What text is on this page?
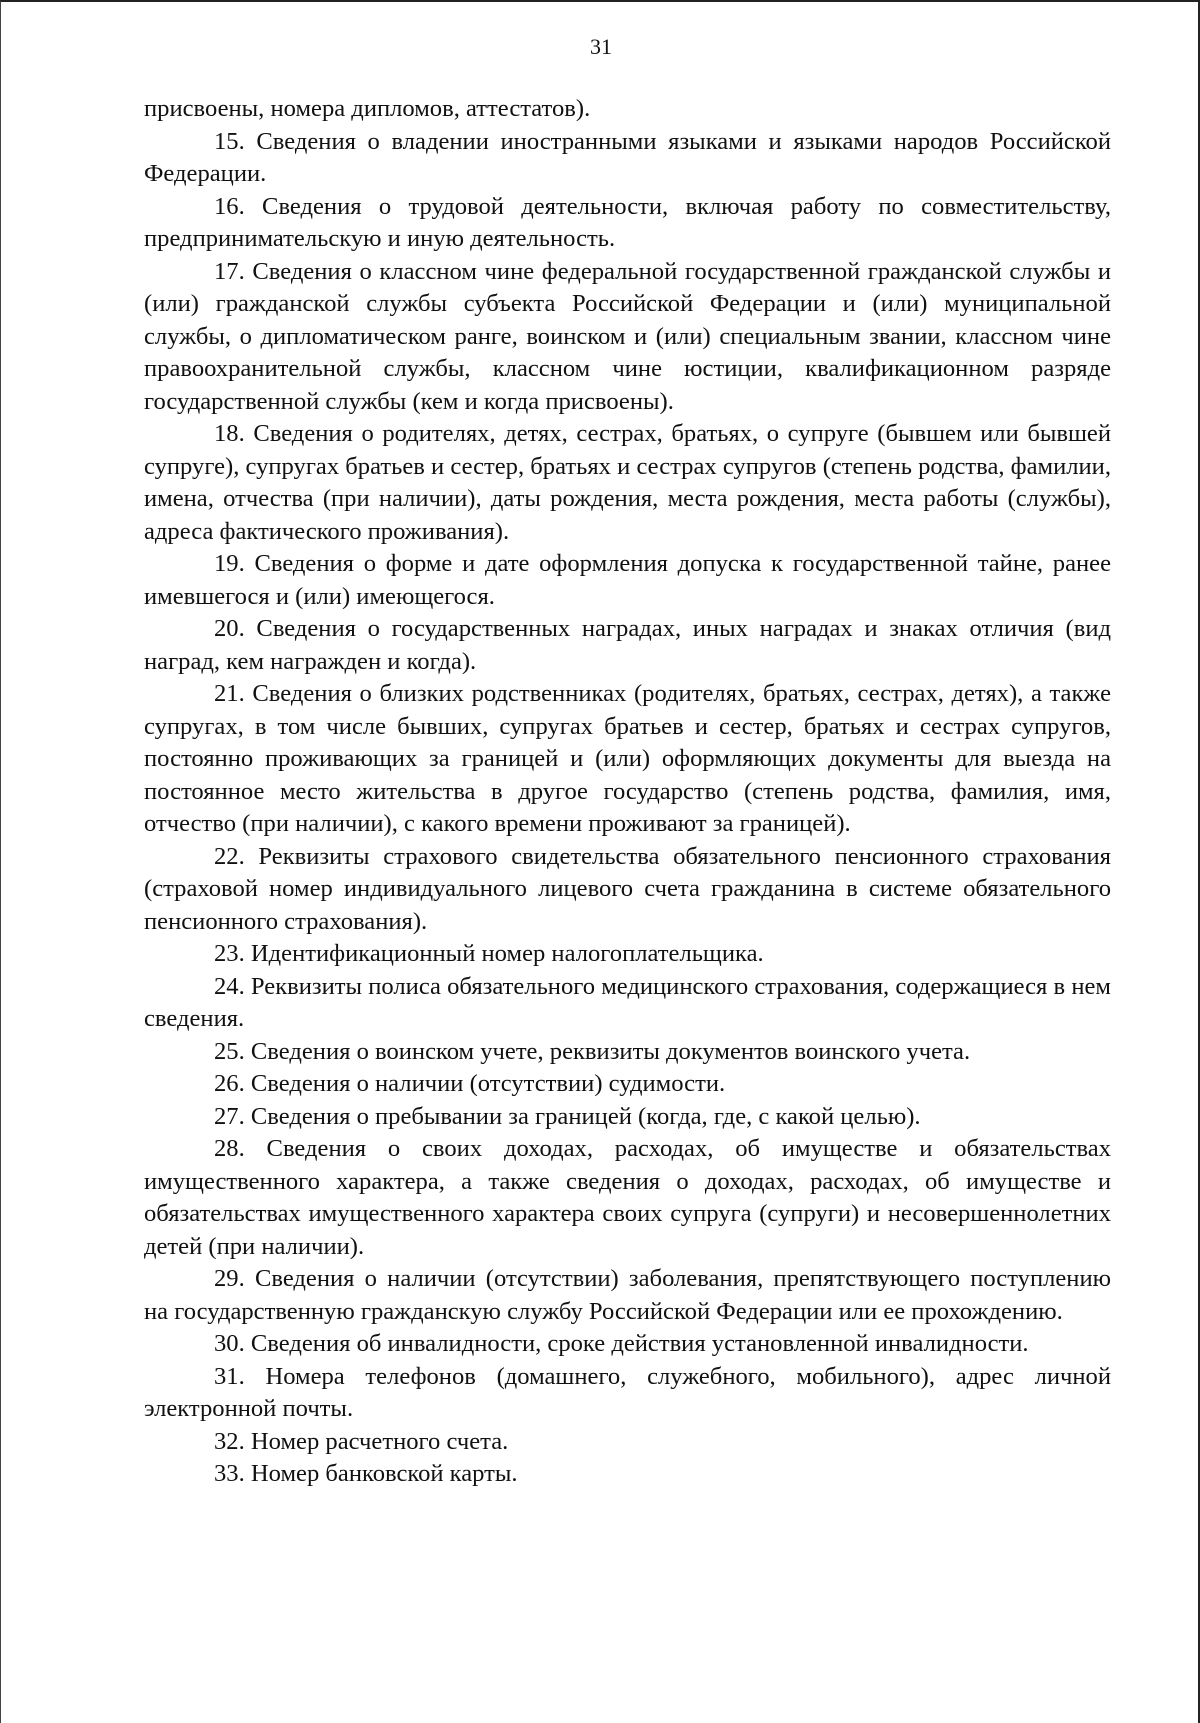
31

присвоены, номера дипломов, аттестатов).

15. Сведения о владении иностранными языками и языками народов Российской Федерации.

16. Сведения о трудовой деятельности, включая работу по совместительству, предпринимательскую и иную деятельность.

17. Сведения о классном чине федеральной государственной гражданской службы и (или) гражданской службы субъекта Российской Федерации и (или) муниципальной службы, о дипломатическом ранге, воинском и (или) специальным звании, классном чине правоохранительной службы, классном чине юстиции, квалификационном разряде государственной службы (кем и когда присвоены).

18. Сведения о родителях, детях, сестрах, братьях, о супруге (бывшем или бывшей супруге), супругах братьев и сестер, братьях и сестрах супругов (степень родства, фамилии, имена, отчества (при наличии), даты рождения, места рождения, места работы (службы), адреса фактического проживания).

19. Сведения о форме и дате оформления допуска к государственной тайне, ранее имевшегося и (или) имеющегося.

20. Сведения о государственных наградах, иных наградах и знаках отличия (вид наград, кем награжден и когда).

21. Сведения о близких родственниках (родителях, братьях, сестрах, детях), а также супругах, в том числе бывших, супругах братьев и сестер, братьях и сестрах супругов, постоянно проживающих за границей и (или) оформляющих документы для выезда на постоянное место жительства в другое государство (степень родства, фамилия, имя, отчество (при наличии), с какого времени проживают за границей).

22. Реквизиты страхового свидетельства обязательного пенсионного страхования (страховой номер индивидуального лицевого счета гражданина в системе обязательного пенсионного страхования).

23. Идентификационный номер налогоплательщика.

24. Реквизиты полиса обязательного медицинского страхования, содержащиеся в нем сведения.

25. Сведения о воинском учете, реквизиты документов воинского учета.

26. Сведения о наличии (отсутствии) судимости.

27. Сведения о пребывании за границей (когда, где, с какой целью).

28. Сведения о своих доходах, расходах, об имуществе и обязательствах имущественного характера, а также сведения о доходах, расходах, об имуществе и обязательствах имущественного характера своих супруга (супруги) и несовершеннолетних детей (при наличии).

29. Сведения о наличии (отсутствии) заболевания, препятствующего поступлению на государственную гражданскую службу Российской Федерации или ее прохождению.

30. Сведения об инвалидности, сроке действия установленной инвалидности.

31. Номера телефонов (домашнего, служебного, мобильного), адрес личной электронной почты.

32. Номер расчетного счета.

33. Номер банковской карты.
